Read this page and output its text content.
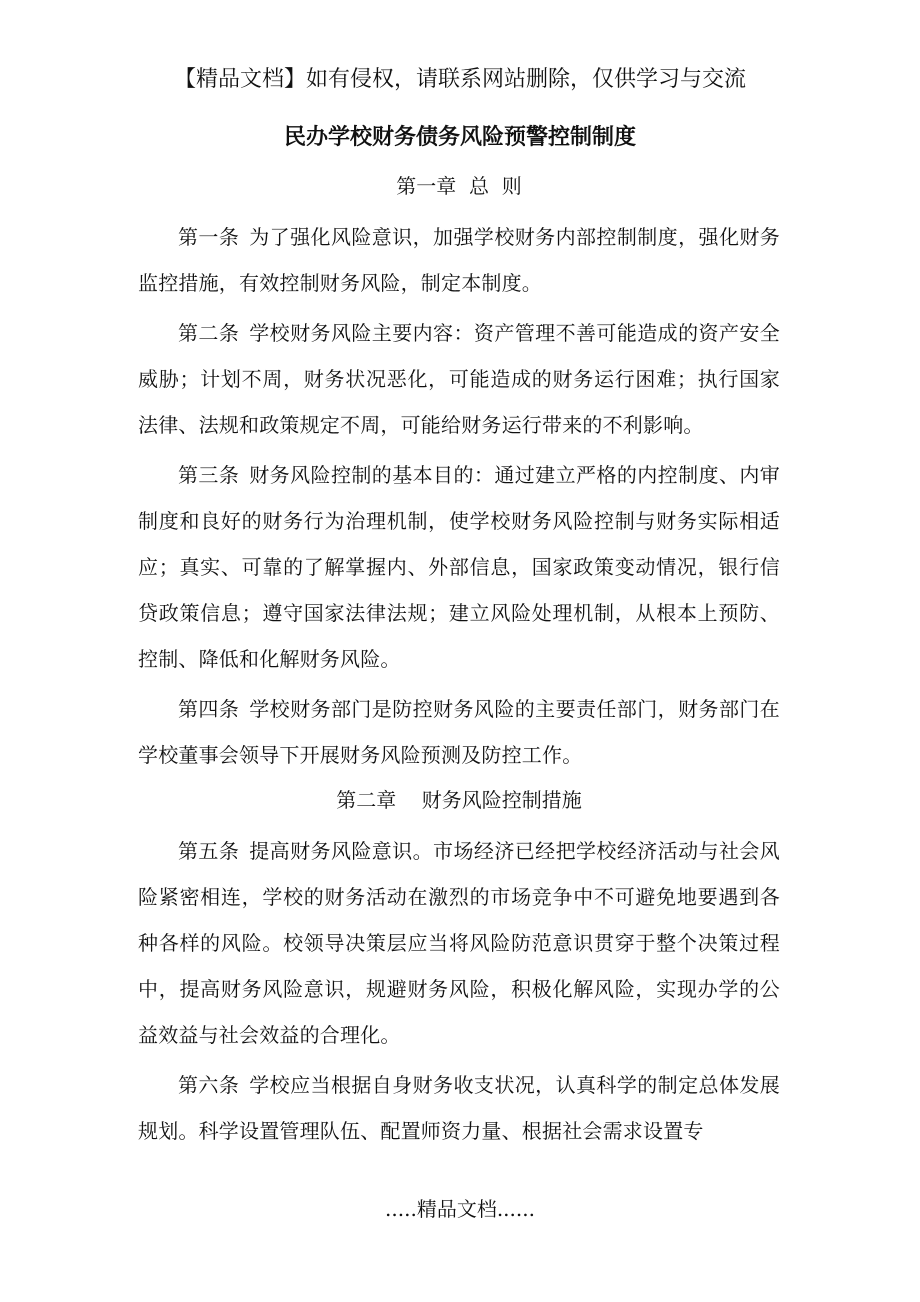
【精品文档】如有侵权，请联系网站删除，仅供学习与交流
民办学校财务债务风险预警控制制度
第一章  总  则

第一条 为了强化风险意识，加强学校财务内部控制制度，强化财务监控措施，有效控制财务风险，制定本制度。

第二条 学校财务风险主要内容：资产管理不善可能造成的资产安全威胁；计划不周，财务状况恶化，可能造成的财务运行困难；执行国家法律、法规和政策规定不周，可能给财务运行带来的不利影响。

第三条 财务风险控制的基本目的：通过建立严格的内控制度、内审制度和良好的财务行为治理机制，使学校财务风险控制与财务实际相适应；真实、可靠的了解掌握内、外部信息，国家政策变动情况，银行信贷政策信息；遵守国家法律法规；建立风险处理机制，从根本上预防、控制、降低和化解财务风险。

第四条 学校财务部门是防控财务风险的主要责任部门，财务部门在学校董事会领导下开展财务风险预测及防控工作。

第二章    财务风险控制措施

第五条 提高财务风险意识。市场经济已经把学校经济活动与社会风险紧密相连，学校的财务活动在激烈的市场竞争中不可避免地要遇到各种各样的风险。校领导决策层应当将风险防范意识贯穿于整个决策过程中，提高财务风险意识，规避财务风险，积极化解风险，实现办学的公益效益与社会效益的合理化。

第六条 学校应当根据自身财务收支状况，认真科学的制定总体发展规划。科学设置管理队伍、配置师资力量、根据社会需求设置专

.....精品文档......
